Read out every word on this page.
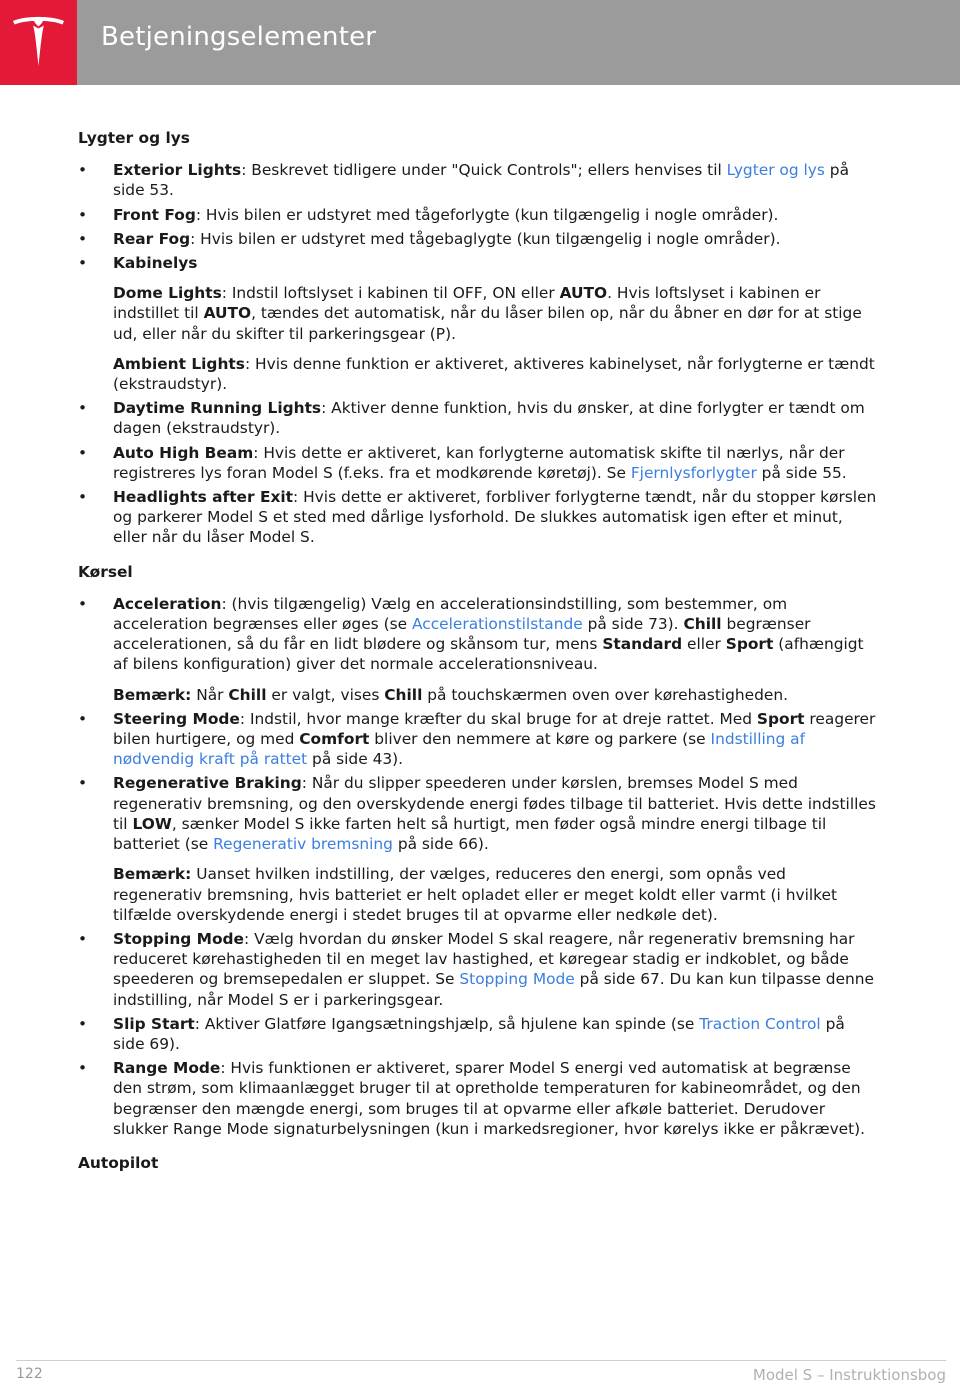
Betjeningselementer
Lygter og lys
• Exterior Lights: Beskrevet tidligere under "Quick Controls"; ellers henvises til Lygter og lys på side 53.
• Front Fog: Hvis bilen er udstyret med tågeforlygte (kun tilgængelig i nogle områder).
• Rear Fog: Hvis bilen er udstyret med tågebaglygte (kun tilgængelig i nogle områder).
• Kabinelys
Dome Lights: Indstil loftslyset i kabinen til OFF, ON eller AUTO. Hvis loftslyset i kabinen er indstillet til AUTO, tændes det automatisk, når du låser bilen op, når du åbner en dør for at stige ud, eller når du skifter til parkeringsgear (P).
Ambient Lights: Hvis denne funktion er aktiveret, aktiveres kabinelyset, når forlygterne er tændt (ekstraudstyr).
• Daytime Running Lights: Aktiver denne funktion, hvis du ønsker, at dine forlygter er tændt om dagen (ekstraudstyr).
• Auto High Beam: Hvis dette er aktiveret, kan forlygterne automatisk skifte til nærlys, når der registreres lys foran Model S (f.eks. fra et modkørende køretøj). Se Fjernlysforlygter på side 55.
• Headlights after Exit: Hvis dette er aktiveret, forbliver forlygterne tændt, når du stopper kørslen og parkerer Model S et sted med dårlige lysforhold. De slukkes automatisk igen efter et minut, eller når du låser Model S.
Kørsel
• Acceleration: (hvis tilgængelig) Vælg en accelerationsindstilling, som bestemmer, om acceleration begrænses eller øges (se Accelerationstilstande på side 73). Chill begrænser accelerationen, så du får en lidt blødere og skånsom tur, mens Standard eller Sport (afhængigt af bilens konfiguration) giver det normale accelerationsniveau.
Bemærk: Når Chill er valgt, vises Chill på touchskærmen oven over kørehastigheden.
• Steering Mode: Indstil, hvor mange kræfter du skal bruge for at dreje rattet. Med Sport reagerer bilen hurtigere, og med Comfort bliver den nemmere at køre og parkere (se Indstilling af nødvendig kraft på rattet på side 43).
• Regenerative Braking: Når du slipper speederen under kørslen, bremses Model S med regenerativ bremsning, og den overskydende energi fødes tilbage til batteriet. Hvis dette indstilles til LOW, sænker Model S ikke farten helt så hurtigt, men føder også mindre energi tilbage til batteriet (se Regenerativ bremsning på side 66).
Bemærk: Uanset hvilken indstilling, der vælges, reduceres den energi, som opnås ved regenerativ bremsning, hvis batteriet er helt opladet eller er meget koldt eller varmt (i hvilket tilfælde overskydende energi i stedet bruges til at opvarme eller nedkøle det).
• Stopping Mode: Vælg hvordan du ønsker Model S skal reagere, når regenerativ bremsning har reduceret kørehastigheden til en meget lav hastighed, et køregear stadig er indkoblet, og både speederen og bremsepedalen er sluppet. Se Stopping Mode på side 67. Du kan kun tilpasse denne indstilling, når Model S er i parkeringsgear.
• Slip Start: Aktiver Glatføre Igangsætningshjælp, så hjulene kan spinde (se Traction Control på side 69).
• Range Mode: Hvis funktionen er aktiveret, sparer Model S energi ved automatisk at begrænse den strøm, som klimaanlægget bruger til at opretholde temperaturen for kabineområdet, og den begrænser den mængde energi, som bruges til at opvarme eller afkøle batteriet. Derudover slukker Range Mode signaturbelysningen (kun i markedsregioner, hvor kørelys ikke er påkrævet).
Autopilot
122	Model S – Instruktionsbog
